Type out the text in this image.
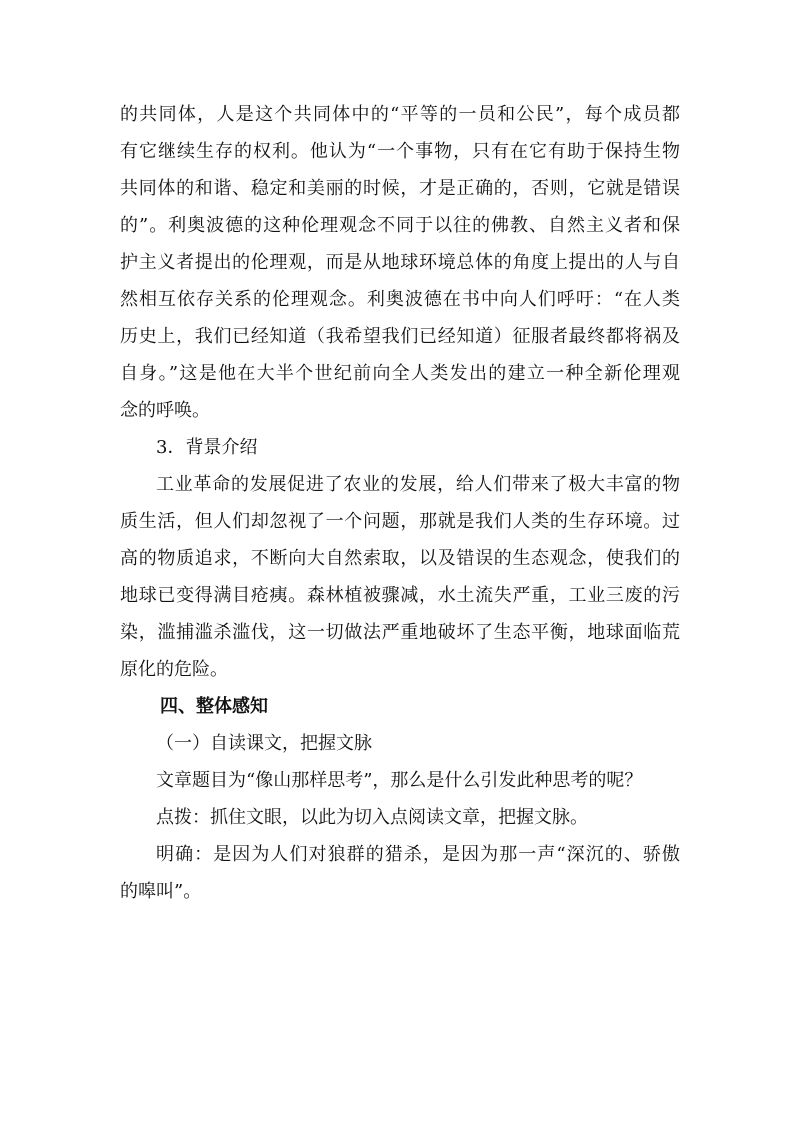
的共同体，人是这个共同体中的“平等的一员和公民”，每个成员都
有它继续生存的权利。他认为“一个事物，只有在它有助于保持生物
共同体的和谐、稳定和美丽的时候，才是正确的，否则，它就是错误
的”。利奥波德的这种伦理观念不同于以往的佛教、自然主义者和保
护主义者提出的伦理观，而是从地球环境总体的角度上提出的人与自
然相互依存关系的伦理观念。利奥波德在书中向人们呼吁：“在人类
历史上，我们已经知道（我希望我们已经知道）征服者最终都将祸及
自身。”这是他在大半个世纪前向全人类发出的建立一种全新伦理观
念的呼唤。
3．背景介绍
工业革命的发展促进了农业的发展，给人们带来了极大丰富的物
质生活，但人们却忽视了一个问题，那就是我们人类的生存环境。过
高的物质追求，不断向大自然索取，以及错误的生态观念，使我们的
地球已变得满目疮痍。森林植被骤减，水土流失严重，工业三废的污
染，滥捕滥杀滥伐，这一切做法严重地破坏了生态平衡，地球面临荒
原化的危险。
四、整体感知
（一）自读课文，把握文脉
文章题目为“像山那样思考”，那么是什么引发此种思考的呢？
点拨：抓住文眼，以此为切入点阅读文章，把握文脉。
明确：是因为人们对狼群的猎杀，是因为那一声“深沉的、骄傲
的嗥叫”。
